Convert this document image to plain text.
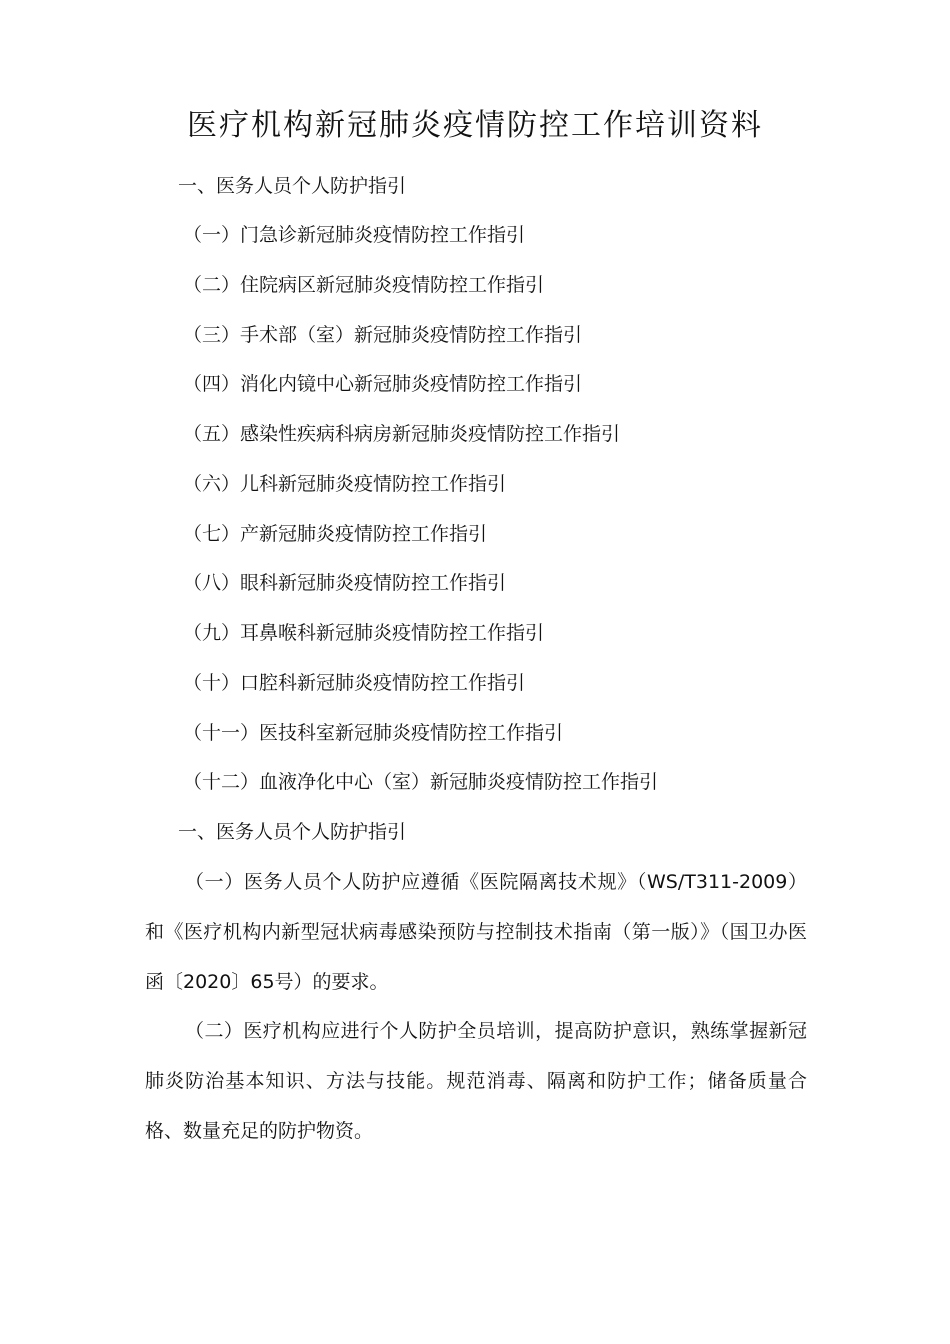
医疗机构新冠肺炎疫情防控工作培训资料
一、医务人员个人防护指引
（一）门急诊新冠肺炎疫情防控工作指引
（二）住院病区新冠肺炎疫情防控工作指引
（三）手术部（室）新冠肺炎疫情防控工作指引
（四）消化内镜中心新冠肺炎疫情防控工作指引
（五）感染性疾病科病房新冠肺炎疫情防控工作指引
（六）儿科新冠肺炎疫情防控工作指引
（七）产新冠肺炎疫情防控工作指引
（八）眼科新冠肺炎疫情防控工作指引
（九）耳鼻喉科新冠肺炎疫情防控工作指引
（十）口腔科新冠肺炎疫情防控工作指引
（十一）医技科室新冠肺炎疫情防控工作指引
（十二）血液净化中心（室）新冠肺炎疫情防控工作指引
一、医务人员个人防护指引
（一）医务人员个人防护应遵循《医院隔离技术规》（WS/T311-2009）和《医疗机构内新型冠状病毒感染预防与控制技术指南（第一版）》（国卫办医函〔2020〕65号）的要求。
（二）医疗机构应进行个人防护全员培训，提高防护意识，熟练掌握新冠肺炎防治基本知识、方法与技能。规范消毒、隔离和防护工作；储备质量合格、数量充足的防护物资。
